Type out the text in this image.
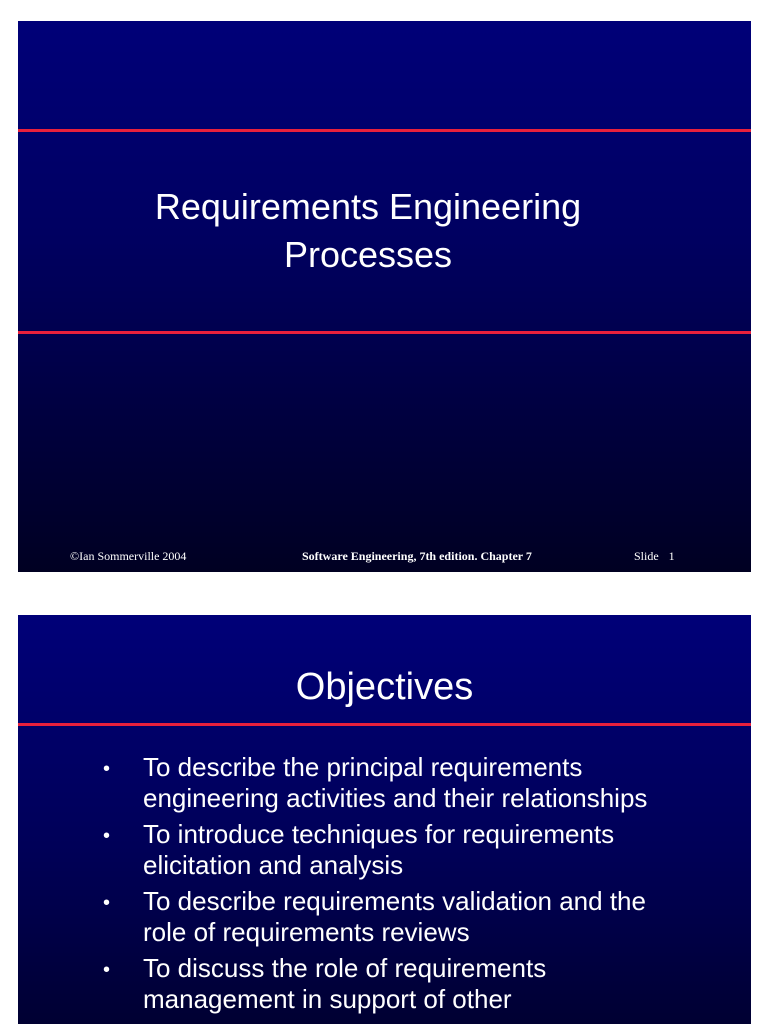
Requirements Engineering
Processes
©Ian Sommerville 2004	Software Engineering, 7th edition. Chapter 7	Slide 1
Objectives
• To describe the principal requirements
engineering activities and their relationships
• To introduce techniques for requirements
elicitation and analysis
• To describe requirements validation and the
role of requirements reviews
• To discuss the role of requirements
management in support of other
